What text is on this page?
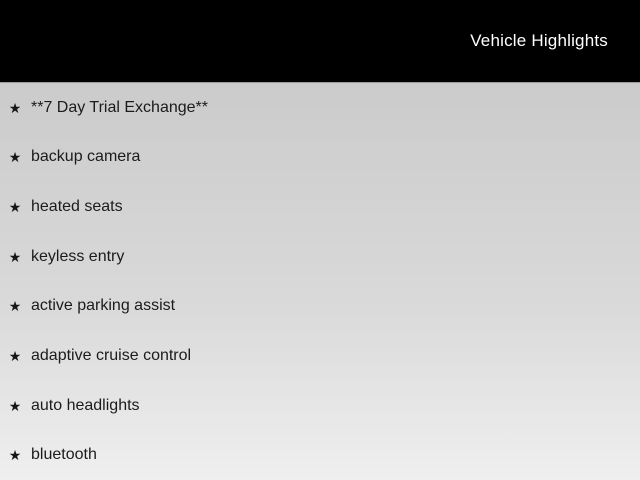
Vehicle Highlights
★ **7 Day Trial Exchange**
★ backup camera
★ heated seats
★ keyless entry
★ active parking assist
★ adaptive cruise control
★ auto headlights
★ bluetooth
